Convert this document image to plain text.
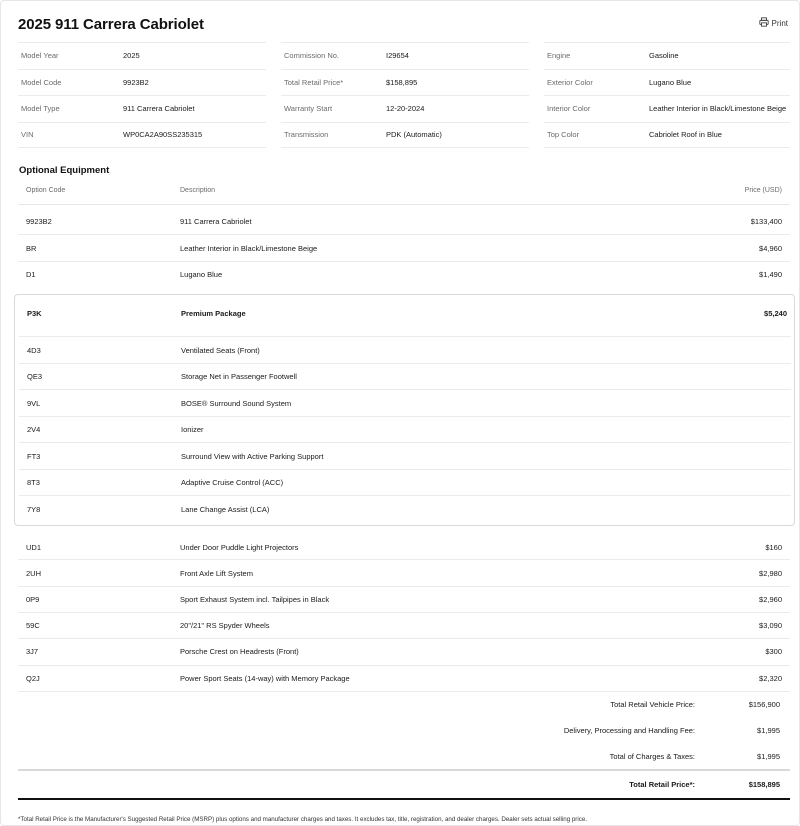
2025 911 Carrera Cabriolet	Print
Model Year	2025
Model Code	9923B2
Model Type	911 Carrera Cabriolet
VIN	WP0CA2A90SS235315
Commission No.	I29654
Total Retail Price*	$158,895
Warranty Start	12-20-2024
Transmission	PDK (Automatic)
Engine	Gasoline
Exterior Color	Lugano Blue
Interior Color	Leather Interior in Black/Limestone Beige
Top Color	Cabriolet Roof in Blue
Optional Equipment
Option Code	Description	Price (USD)
9923B2	911 Carrera Cabriolet	$133,400
BR	Leather Interior in Black/Limestone Beige	$4,960
D1	Lugano Blue	$1,490
P3K	Premium Package	$5,240
4D3	Ventilated Seats (Front)
QE3	Storage Net in Passenger Footwell
9VL	BOSE® Surround Sound System
2V4	Ionizer
FT3	Surround View with Active Parking Support
8T3	Adaptive Cruise Control (ACC)
7Y8	Lane Change Assist (LCA)
UD1	Under Door Puddle Light Projectors	$160
2UH	Front Axle Lift System	$2,980
0P9	Sport Exhaust System incl. Tailpipes in Black	$2,960
59C	20"/21" RS Spyder Wheels	$3,090
3J7	Porsche Crest on Headrests (Front)	$300
Q2J	Power Sport Seats (14-way) with Memory Package	$2,320
Total Retail Vehicle Price:	$156,900
Delivery, Processing and Handling Fee:	$1,995
Total of Charges & Taxes:	$1,995
Total Retail Price*:	$158,895
*Total Retail Price is the Manufacturer's Suggested Retail Price (MSRP) plus options and manufacturer charges and taxes. It excludes tax, title, registration, and dealer charges. Dealer sets actual selling price.
